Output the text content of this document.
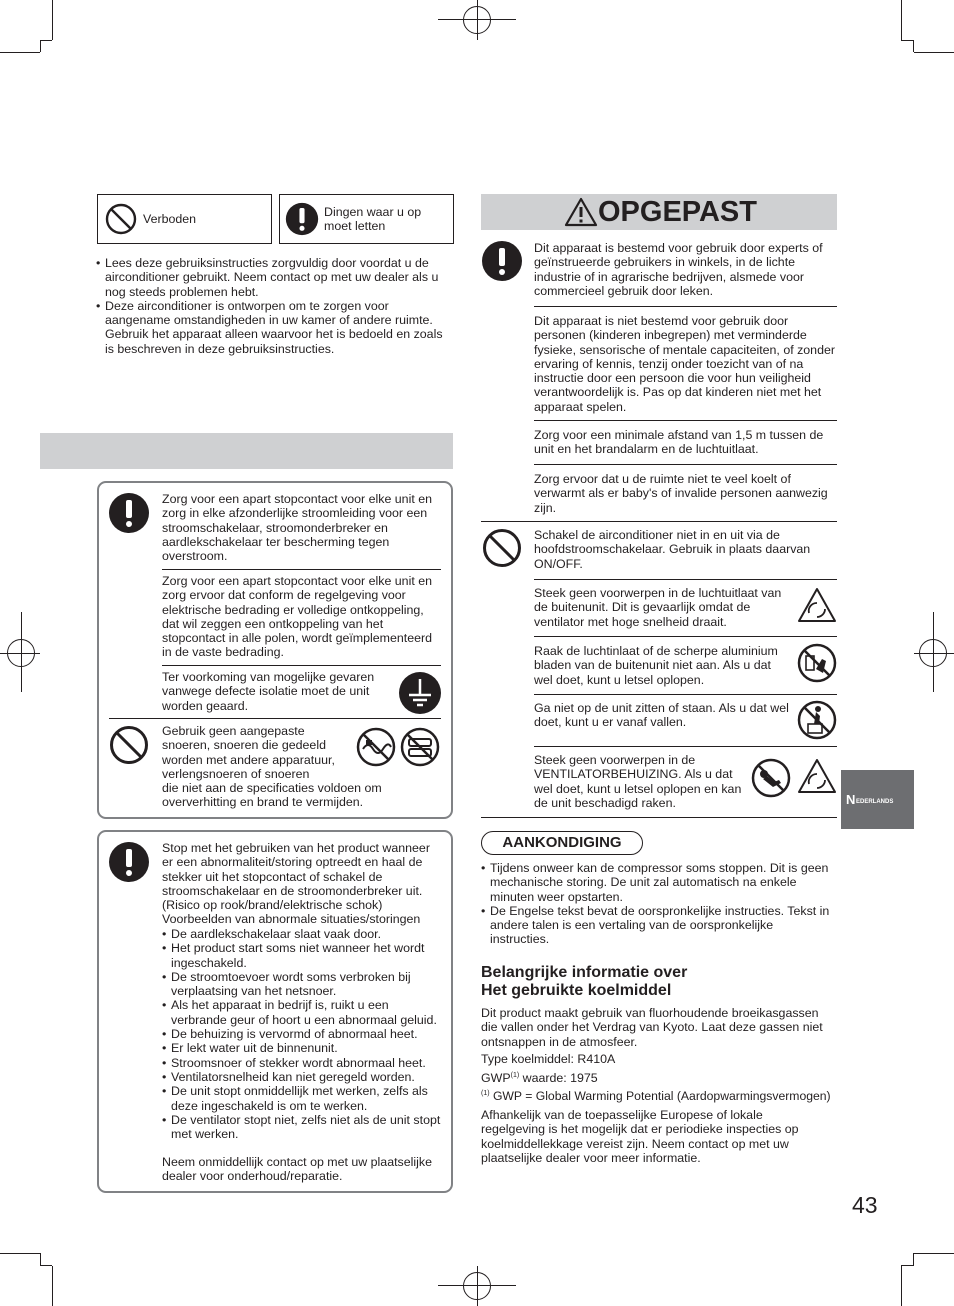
Verboden	Dingen waar u op moet letten
• Lees deze gebruiksinstructies zorgvuldig door voordat u de airconditioner gebruikt. Neem contact op met uw dealer als u nog steeds problemen hebt.
• Deze airconditioner is ontworpen om te zorgen voor aangename omstandigheden in uw kamer of andere ruimte. Gebruik het apparaat alleen waarvoor het is bedoeld en zoals is beschreven in deze gebruiksinstructies.
Zorg voor een apart stopcontact voor elke unit en zorg in elke afzonderlijke stroomleiding voor een stroomschakelaar, stroomonderbreker en aardlekschakelaar ter bescherming tegen overstroom.
Zorg voor een apart stopcontact voor elke unit en zorg ervoor dat conform de regelgeving voor elektrische bedrading er volledige ontkoppeling, dat wil zeggen een ontkoppeling van het stopcontact in alle polen, wordt geïmplementeerd in de vaste bedrading.
Ter voorkoming van mogelijke gevaren vanwege defecte isolatie moet de unit worden geaard.
Gebruik geen aangepaste snoeren, snoeren die gedeeld worden met andere apparatuur, verlengsnoeren of snoeren
die niet aan de specificaties voldoen om oververhitting en brand te vermijden.
Stop met het gebruiken van het product wanneer er een abnormaliteit/storing optreedt en haal de stekker uit het stopcontact of schakel de stroomschakelaar en de stroomonderbreker uit. (Risico op rook/brand/elektrische schok)
Voorbeelden van abnormale situaties/storingen
• De aardlekschakelaar slaat vaak door.
• Het product start soms niet wanneer het wordt ingeschakeld.
• De stroomtoevoer wordt soms verbroken bij verplaatsing van het netsnoer.
• Als het apparaat in bedrijf is, ruikt u een verbrande geur of hoort u een abnormaal geluid.
• De behuizing is vervormd of abnormaal heet.
• Er lekt water uit de binnenunit.
• Stroomsnoer of stekker wordt abnormaal heet.
• Ventilatorsnelheid kan niet geregeld worden.
• De unit stopt onmiddellijk met werken, zelfs als deze ingeschakeld is om te werken.
• De ventilator stopt niet, zelfs niet als de unit stopt met werken.
Neem onmiddellijk contact op met uw plaatselijke dealer voor onderhoud/reparatie.
OPGEPAST
Dit apparaat is bestemd voor gebruik door experts of geïnstrueerde gebruikers in winkels, in de lichte industrie of in agrarische bedrijven, alsmede voor commercieel gebruik door leken.
Dit apparaat is niet bestemd voor gebruik door personen (kinderen inbegrepen) met verminderde fysieke, sensorische of mentale capaciteiten, of zonder ervaring of kennis, tenzij onder toezicht van of na instructie door een persoon die voor hun veiligheid verantwoordelijk is. Pas op dat kinderen niet met het apparaat spelen.
Zorg voor een minimale afstand van 1,5 m tussen de unit en het brandalarm en de luchtuitlaat.
Zorg ervoor dat u de ruimte niet te veel koelt of verwarmt als er baby's of invalide personen aanwezig zijn.
Schakel de airconditioner niet in en uit via de hoofdstroomschakelaar. Gebruik in plaats daarvan ON/OFF.
Steek geen voorwerpen in de luchtuitlaat van de buitenunit. Dit is gevaarlijk omdat de ventilator met hoge snelheid draait.
Raak de luchtinlaat of de scherpe aluminium bladen van de buitenunit niet aan. Als u dat wel doet, kunt u letsel oplopen.
Ga niet op de unit zitten of staan. Als u dat wel doet, kunt u er vanaf vallen.
Steek geen voorwerpen in de VENTILATORBEHUIZING. Als u dat wel doet, kunt u letsel oplopen en kan de unit beschadigd raken.
AANKONDIGING
• Tijdens onweer kan de compressor soms stoppen. Dit is geen mechanische storing. De unit zal automatisch na enkele minuten weer opstarten.
• De Engelse tekst bevat de oorspronkelijke instructies. Tekst in andere talen is een vertaling van de oorspronkelijke instructies.
Belangrijke informatie over
Het gebruikte koelmiddel
Dit product maakt gebruik van fluorhoudende broeikasgassen die vallen onder het Verdrag van Kyoto. Laat deze gassen niet ontsnappen in de atmosfeer.
Type koelmiddel: R410A
GWP$^{(1)}$ waarde: 1975
$^{(1)}$ GWP = Global Warming Potential (Aardopwarmingsvermogen)
Afhankelijk van de toepasselijke Europese of lokale regelgeving is het mogelijk dat er periodieke inspecties op koelmiddellekkage vereist zijn. Neem contact op met uw plaatselijke dealer voor meer informatie.
N EDERLANDS
43
